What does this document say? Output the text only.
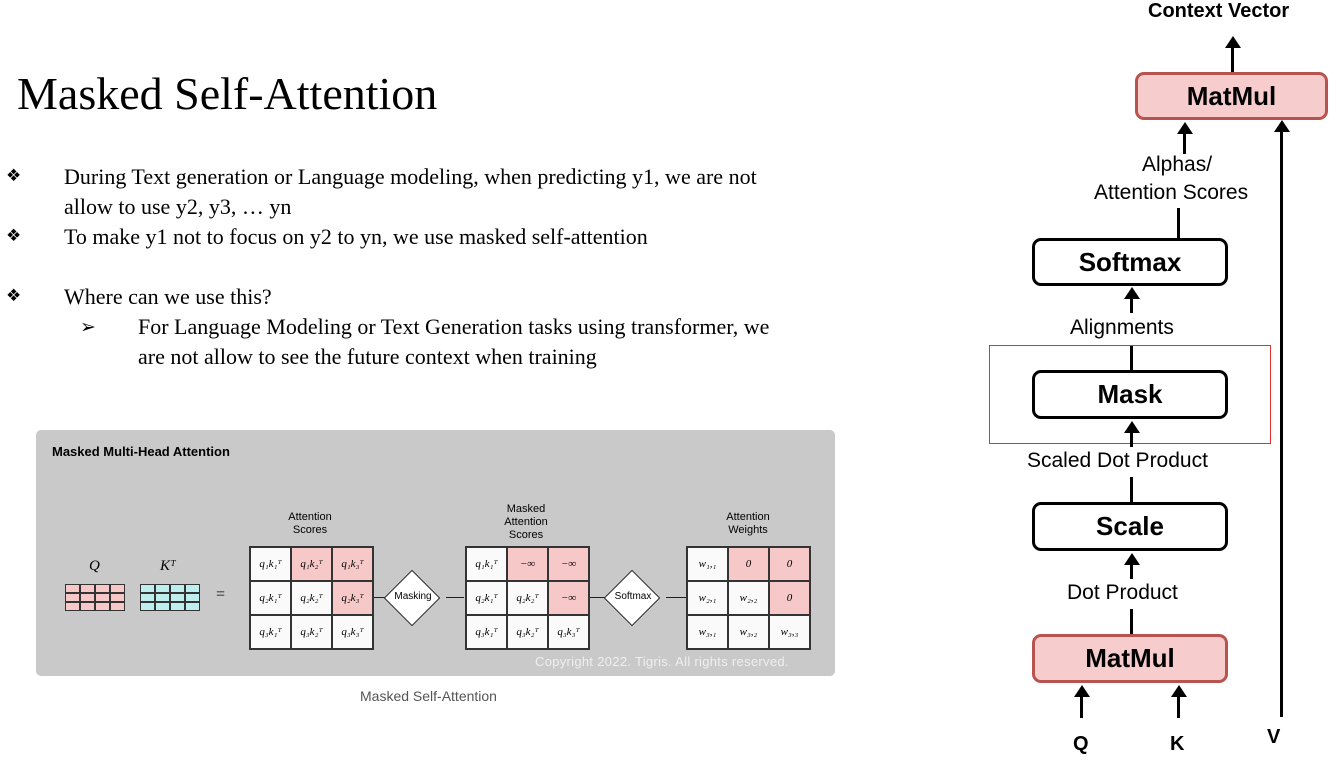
Masked Self-Attention
❖ During Text generation or Language modeling, when predicting y1, we are not
allow to use y2, y3, … yn
❖ To make y1 not to focus on y2 to yn, we use masked self-attention
❖ Where can we use this?
➢ For Language Modeling or Text Generation tasks using transformer, we
are not allow to see the future context when training
Masked Multi-Head Attention
Q	Kᵀ
=
Attention
Scores
q₁k₁ᵀ	q₁k₂ᵀ	q₁k₃ᵀ
q₂k₁ᵀ	q₂k₂ᵀ	q₂k₃ᵀ
q₃k₁ᵀ	q₃k₂ᵀ	q₃k₃ᵀ
Masking
Masked
Attention
Scores
q₁k₁ᵀ	−∞	−∞
q₂k₁ᵀ	q₂k₂ᵀ	−∞
q₃k₁ᵀ	q₃k₂ᵀ	q₃k₃ᵀ
Softmax
Attention
Weights
w₁,₁	0	0
w₂,₁	w₂,₂	0
w₃,₁	w₃,₂	w₃,₃
Copyright 2022. Tigris. All rights reserved.
Masked Self-Attention
Context Vector
MatMul
Alphas/
Attention Scores
Softmax
Alignments
Mask
Scaled Dot Product
Scale
Dot Product
MatMul
Q	K	V
